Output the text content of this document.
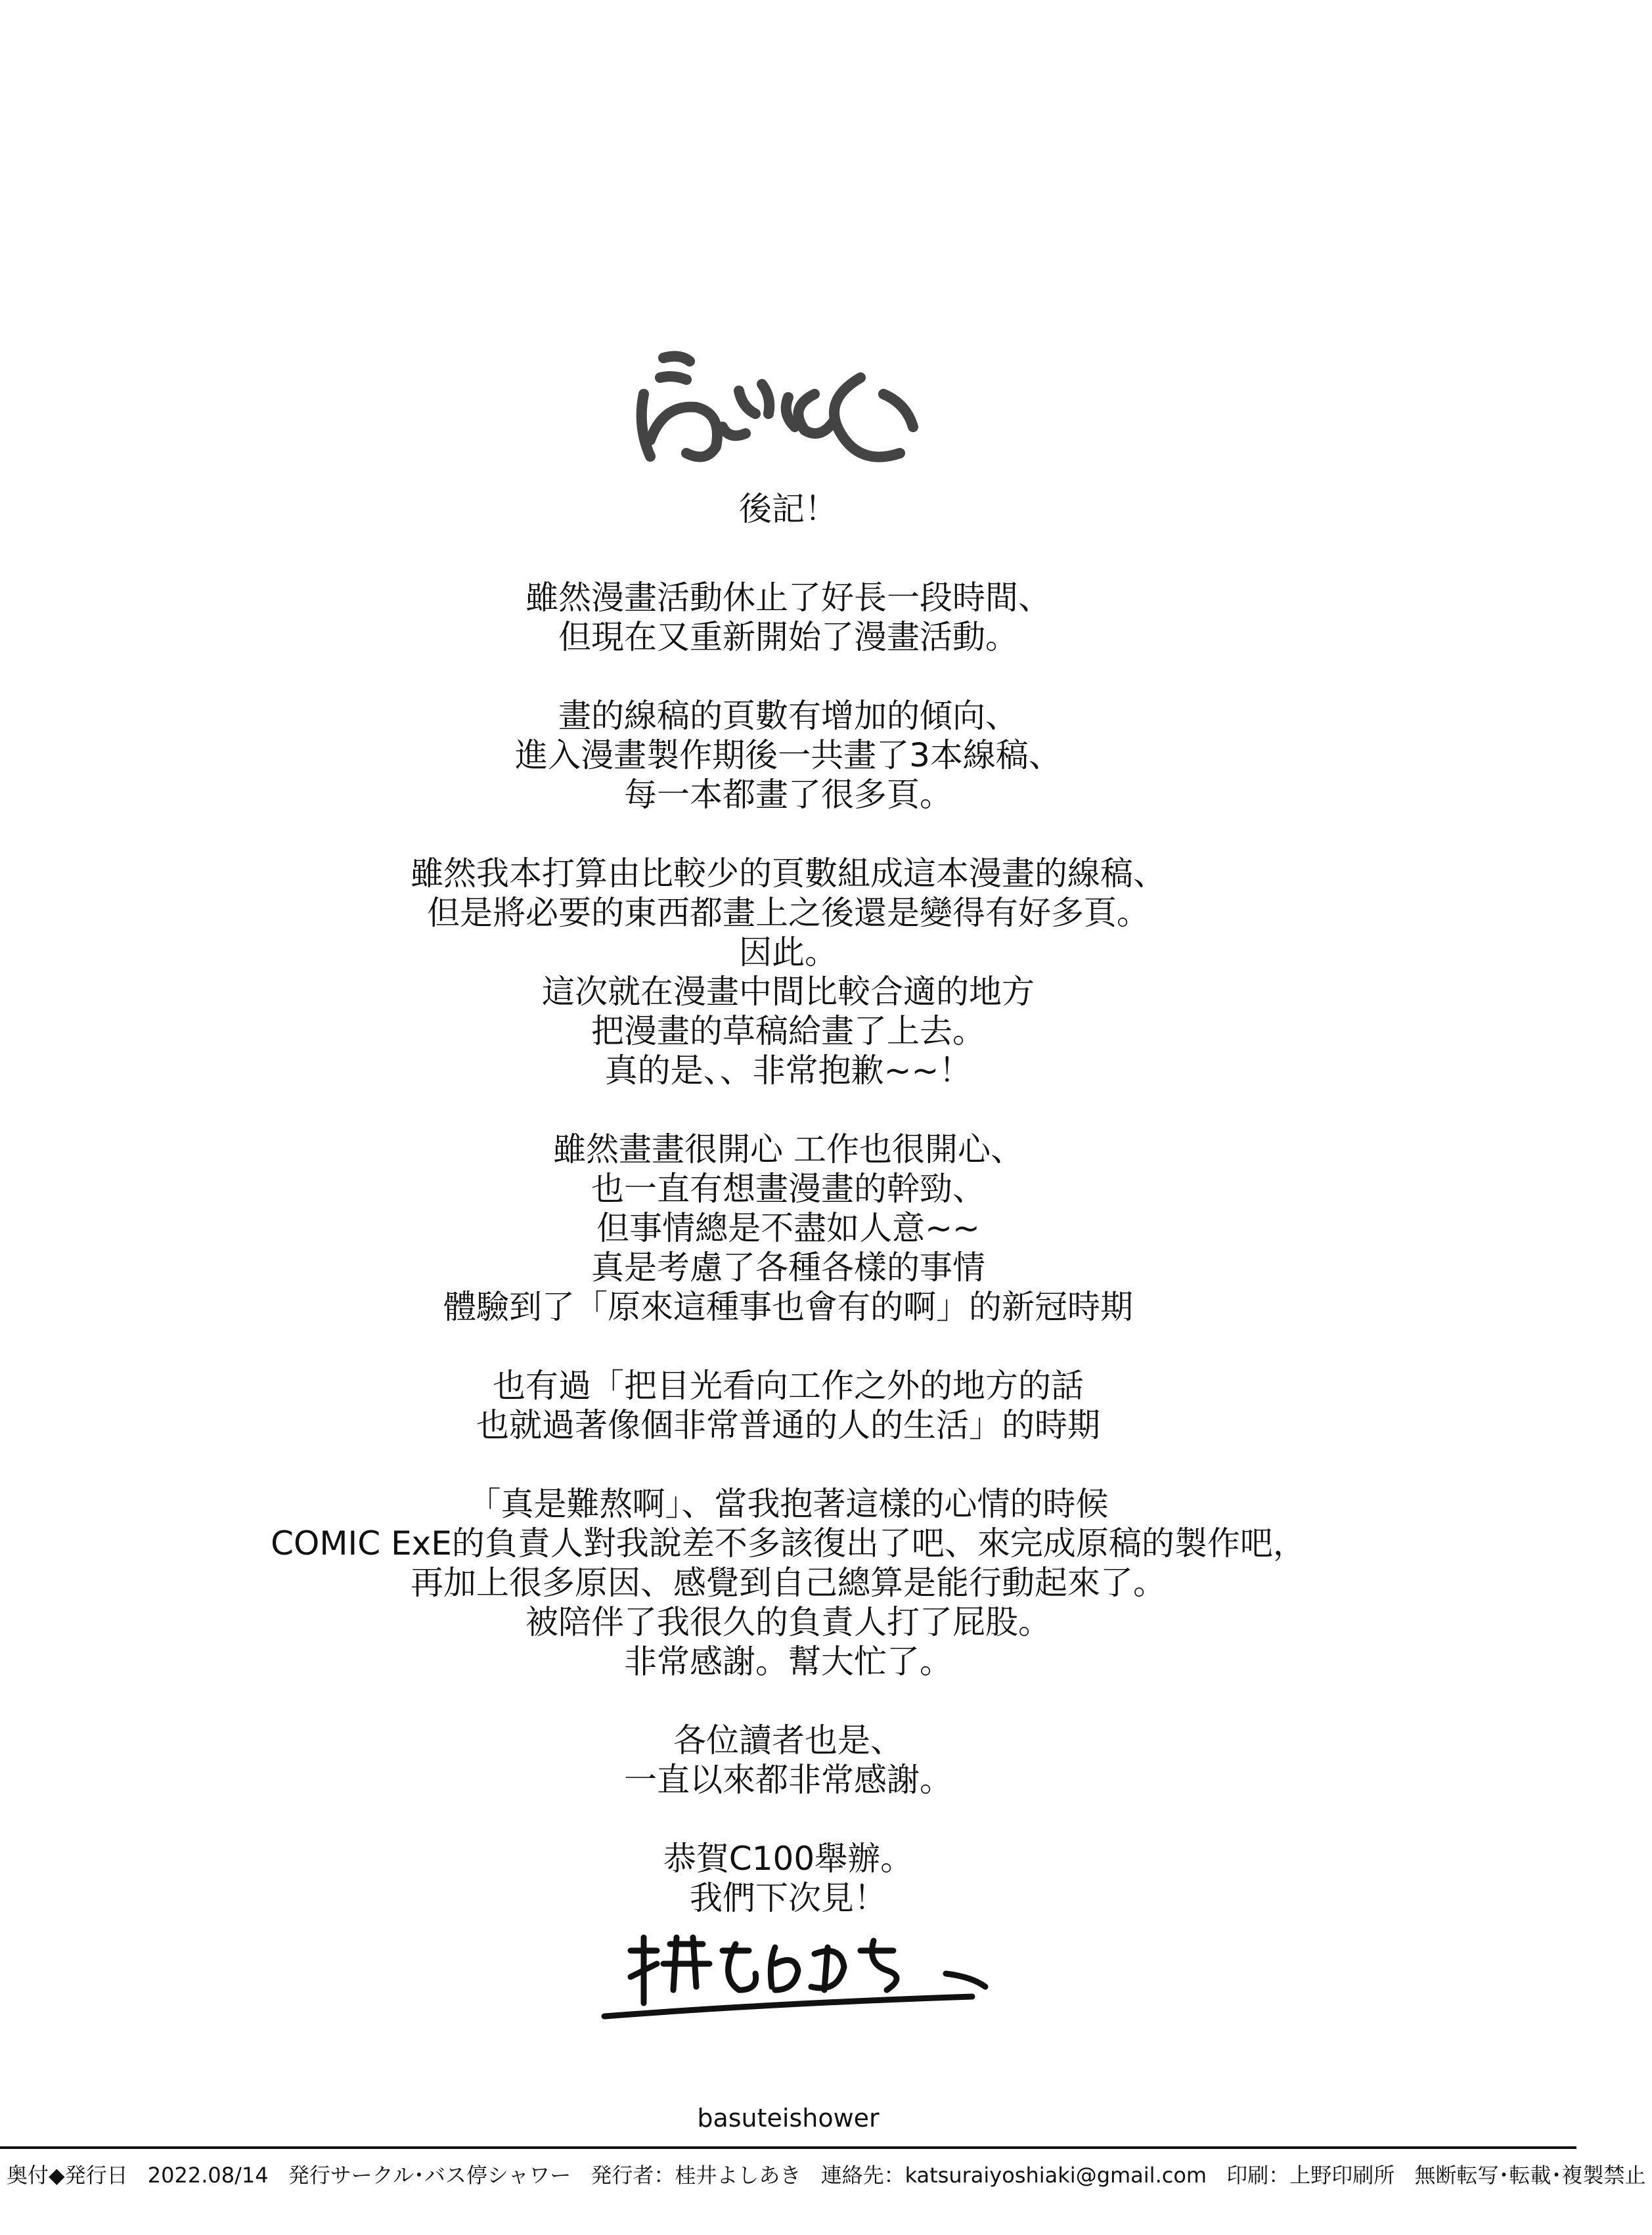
後記！
雖然漫畫活動休止了好長一段時間、
但現在又重新開始了漫畫活動。
畫的線稿的頁數有增加的傾向、
進入漫畫製作期後一共畫了3本線稿、
每一本都畫了很多頁。
雖然我本打算由比較少的頁數組成這本漫畫的線稿、
但是將必要的東西都畫上之後還是變得有好多頁。
因此。
這次就在漫畫中間比較合適的地方
把漫畫的草稿給畫了上去。
真的是、、非常抱歉~~！
雖然畫畫很開心 工作也很開心、
也一直有想畫漫畫的幹勁、
但事情總是不盡如人意~~
真是考慮了各種各樣的事情
體驗到了「原來這種事也會有的啊」的新冠時期
也有過「把目光看向工作之外的地方的話
也就過著像個非常普通的人的生活」的時期
「真是難熬啊」、當我抱著這樣的心情的時候
COMIC ExE的負責人對我說差不多該復出了吧、來完成原稿的製作吧，
再加上很多原因、感覺到自己總算是能行動起來了。
被陪伴了我很久的負責人打了屁股。
非常感謝。幫大忙了。
各位讀者也是、
一直以來都非常感謝。
恭賀C100舉辦。
我們下次見！
basuteishower
奥付◆発行日 2022.08/14 発行サークル･バス停シャワー 発行者：桂井よしあき 連絡先：katsuraiyoshiaki@gmail.com 印刷：上野印刷所 無断転写･転載･複製禁止
